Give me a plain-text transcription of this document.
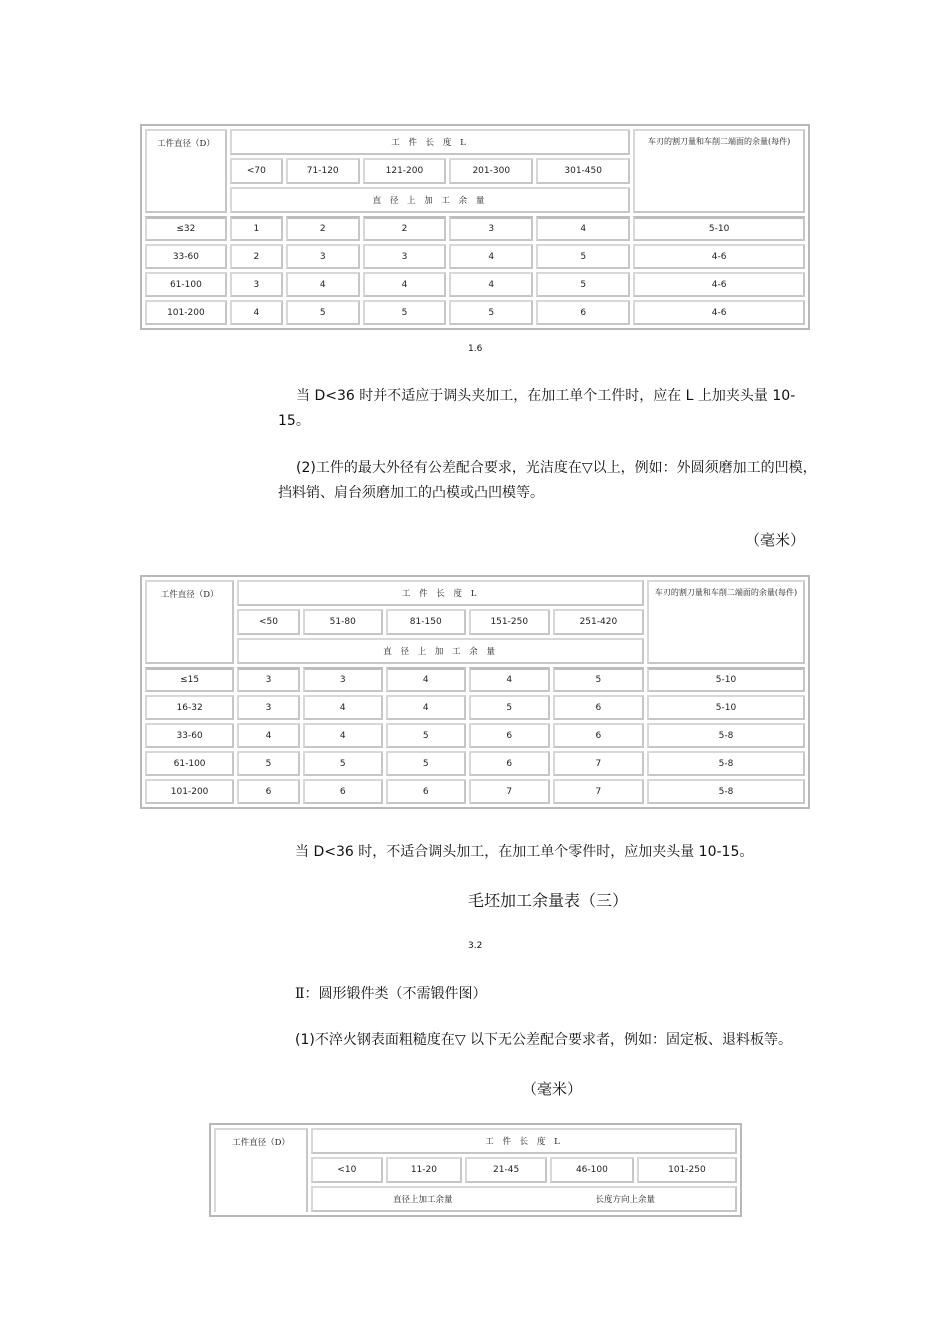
工件直径（D）	工 件 长 度 L					车刃的割刀量和车削二端面的余量(每件)
	<70	71-120	121-200	201-300	301-450	
	直 径 上 加 工 余 量					
≤32	1	2	2	3	4	5-10
33-60	2	3	3	4	5	4-6
61-100	3	4	4	4	5	4-6
101-200	4	5	5	5	6	4-6
1.6
当 D<36 时并不适应于调头夹加工，在加工单个工件时，应在 L 上加夹头量 10-
15。
(2)工件的最大外径有公差配合要求，光洁度在▽以上，例如：外圆须磨加工的凹模，
挡料销、肩台须磨加工的凸模或凸凹模等。
（毫米）
工件直径（D）	工 件 长 度 L					车刃的割刀量和车削二端面的余量(每件)
	<50	51-80	81-150	151-250	251-420	
	直 径 上 加 工 余 量					
≤15	3	3	4	4	5	5-10
16-32	3	4	4	5	6	5-10
33-60	4	4	5	6	6	5-8
61-100	5	5	5	6	7	5-8
101-200	6	6	6	7	7	5-8
当 D<36 时，不适合调头加工，在加工单个零件时，应加夹头量 10-15。
毛坯加工余量表（三）
3.2
Ⅱ：圆形锻件类（不需锻件图）
(1)不淬火钢表面粗糙度在▽ 以下无公差配合要求者，例如：固定板、退料板等。
（毫米）
工件直径（D）	工 件 长 度 L				
	<10	11-20	21-45	46-100	101-250
	直径上加工余量 长度方向上余量				
